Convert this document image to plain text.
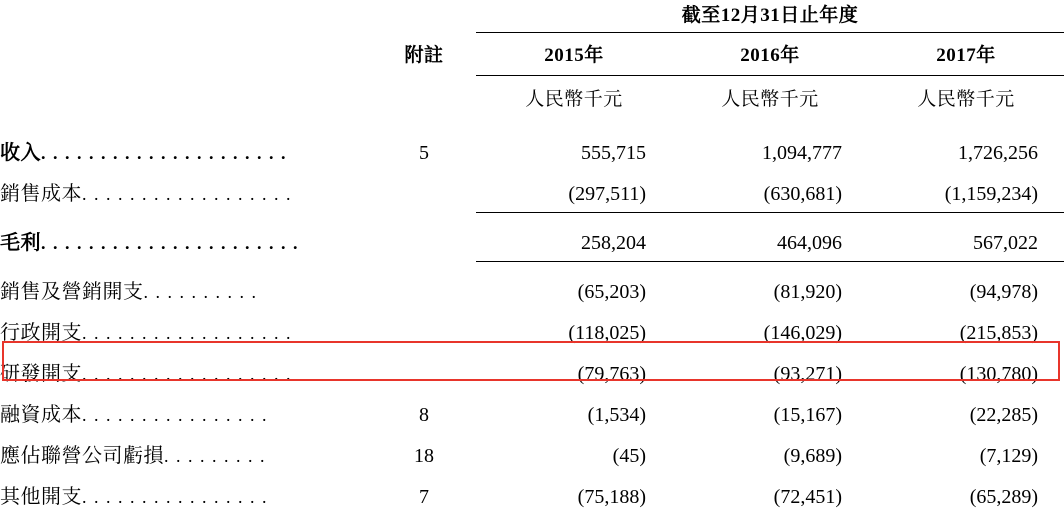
		截至12月31日止年度		

	附註	2015年	2016年	2017年

		人民幣千元	人民幣千元	人民幣千元

收入. . . . . . . . . . . . . . . . . . . . .	5	555,715	1,094,777	1,726,256
銷售成本. . . . . . . . . . . . . . . . . .		(297,511)	(630,681)	(1,159,234)

毛利. . . . . . . . . . . . . . . . . . . . . .		258,204	464,096	567,022

銷售及營銷開支. . . . . . . . . .		(65,203)	(81,920)	(94,978)
行政開支. . . . . . . . . . . . . . . . . .		(118,025)	(146,029)	(215,853)
研發開支. . . . . . . . . . . . . . . . . .		(79,763)	(93,271)	(130,780)
融資成本. . . . . . . . . . . . . . . .	8	(1,534)	(15,167)	(22,285)
應佔聯營公司虧損. . . . . . . . .	18	(45)	(9,689)	(7,129)
其他開支. . . . . . . . . . . . . . . .	7	(75,188)	(72,451)	(65,289)
